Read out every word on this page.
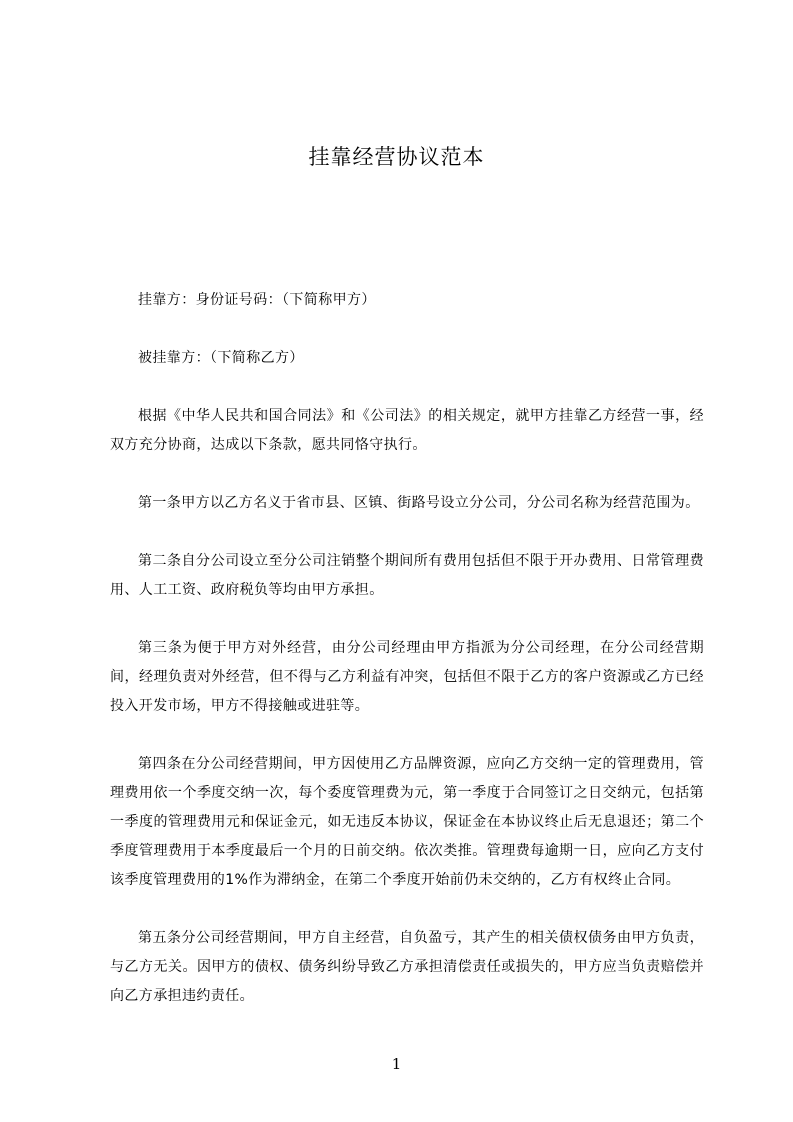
挂靠经营协议范本

挂靠方：身份证号码：（下简称甲方）

被挂靠方：（下简称乙方）

根据《中华人民共和国合同法》和《公司法》的相关规定，就甲方挂靠乙方经营一事，经双方充分协商，达成以下条款，愿共同恪守执行。

第一条甲方以乙方名义于省市县、区镇、街路号设立分公司，分公司名称为经营范围为。

第二条自分公司设立至分公司注销整个期间所有费用包括但不限于开办费用、日常管理费用、人工工资、政府税负等均由甲方承担。

第三条为便于甲方对外经营，由分公司经理由甲方指派为分公司经理，在分公司经营期间，经理负责对外经营，但不得与乙方利益有冲突，包括但不限于乙方的客户资源或乙方已经投入开发市场，甲方不得接触或进驻等。

第四条在分公司经营期间，甲方因使用乙方品牌资源，应向乙方交纳一定的管理费用，管理费用依一个季度交纳一次，每个委度管理费为元，第一季度于合同签订之日交纳元，包括第一季度的管理费用元和保证金元，如无违反本协议，保证金在本协议终止后无息退还；第二个季度管理费用于本季度最后一个月的日前交纳。依次类推。管理费每逾期一日，应向乙方支付该季度管理费用的1%作为滞纳金，在第二个季度开始前仍未交纳的，乙方有权终止合同。

第五条分公司经营期间，甲方自主经营，自负盈亏，其产生的相关债权债务由甲方负责，与乙方无关。因甲方的债权、债务纠纷导致乙方承担清偿责任或损失的，甲方应当负责赔偿并向乙方承担违约责任。

1
